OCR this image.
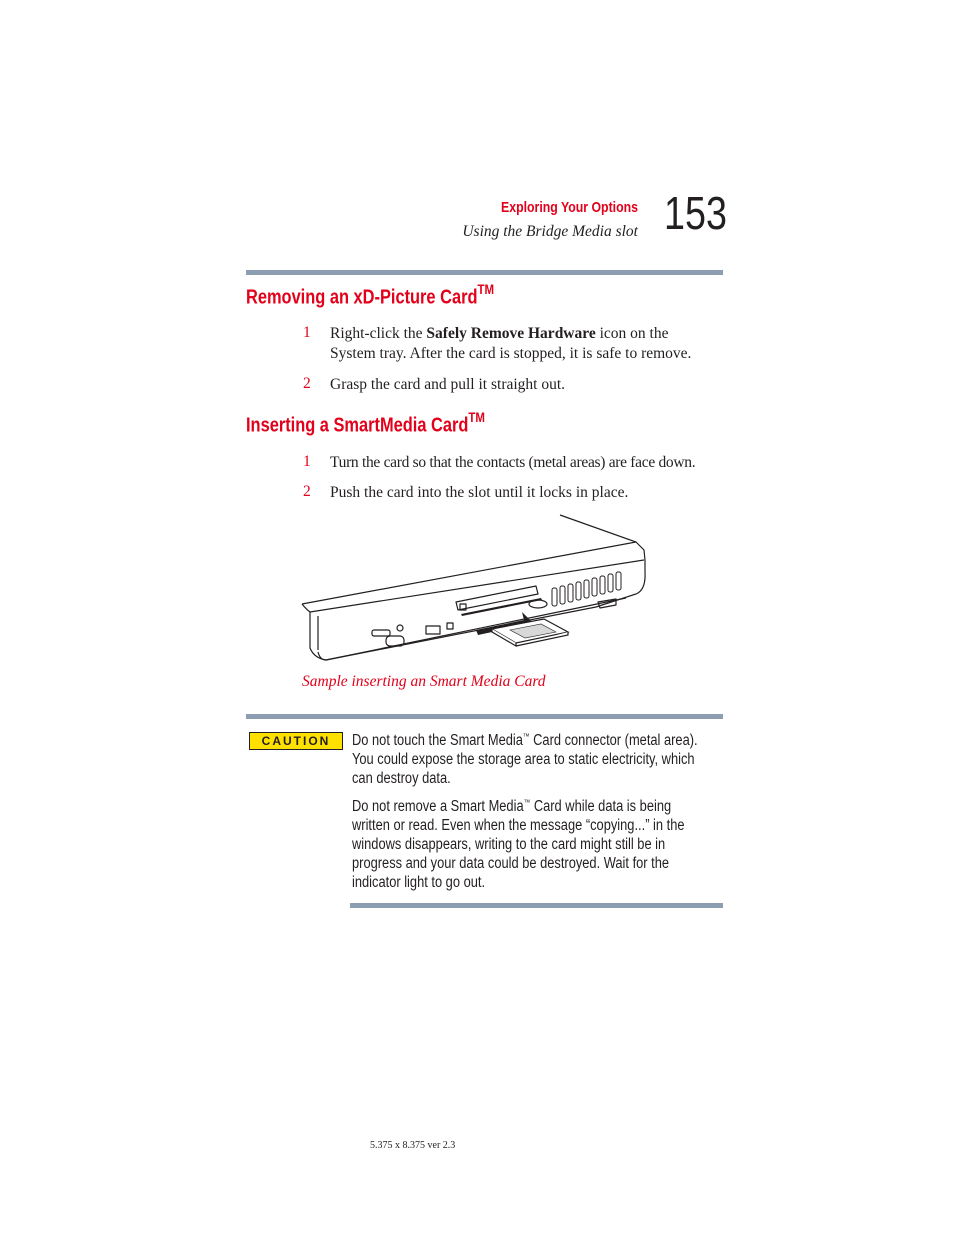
Exploring Your Options
Using the Bridge Media slot 153
Removing an xD-Picture Card™
1 Right-click the Safely Remove Hardware icon on the
System tray. After the card is stopped, it is safe to remove.
2 Grasp the card and pull it straight out.
Inserting a SmartMedia Card™
1 Turn the card so that the contacts (metal areas) are face down.
2 Push the card into the slot until it locks in place.
Sample inserting an Smart Media Card
CAUTION	Do not touch the Smart Media™ Card connector (metal area).
You could expose the storage area to static electricity, which
can destroy data.
Do not remove a Smart Media™ Card while data is being
written or read. Even when the message “copying...” in the
windows disappears, writing to the card might still be in
progress and your data could be destroyed. Wait for the
indicator light to go out.
5.375 x 8.375 ver 2.3
